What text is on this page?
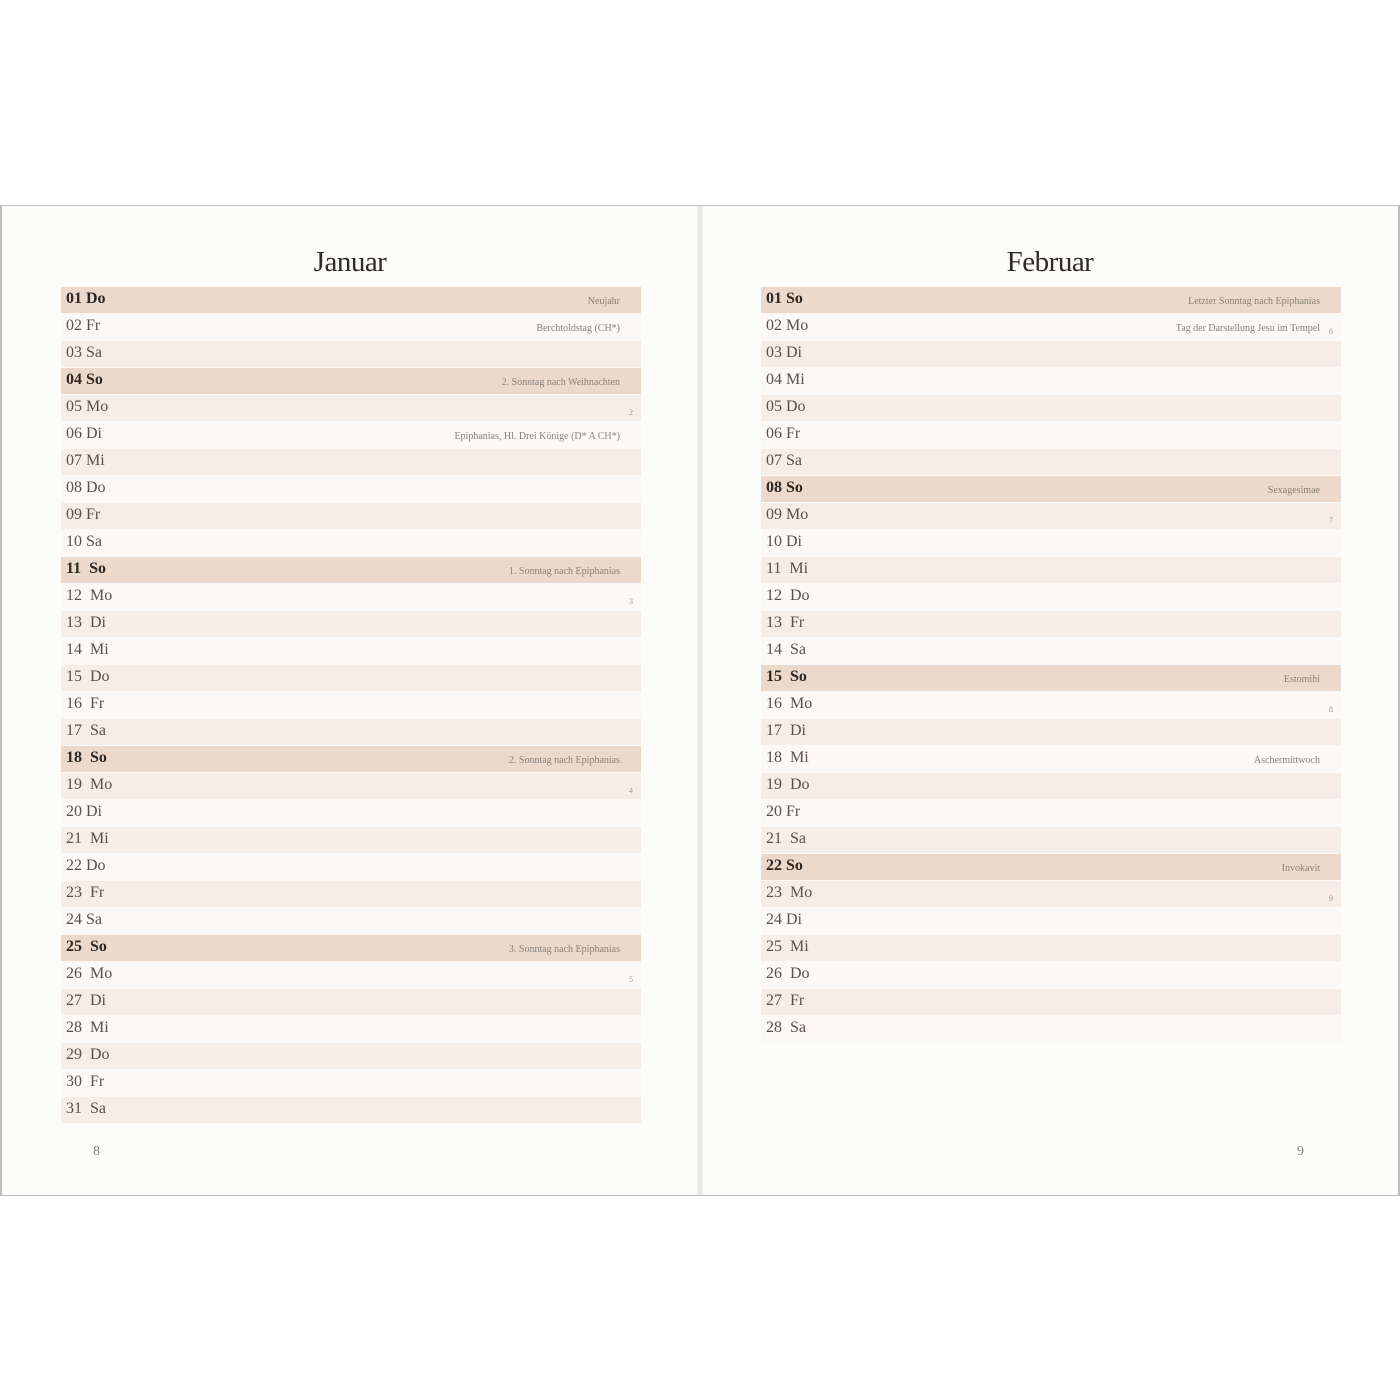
Januar
01 Do	Neujahr
02 Fr	Berchtoldstag (CH*)
03 Sa
04 So	2. Sonntag nach Weihnachten
05 Mo	2
06 Di	Epiphanias, Hl. Drei Könige (D* A CH*)
07 Mi
08 Do
09 Fr
10 Sa
11  So	1. Sonntag nach Epiphanias
12  Mo	3
13  Di
14  Mi
15  Do
16  Fr
17  Sa
18  So	2. Sonntag nach Epiphanias
19  Mo	4
20 Di
21  Mi
22 Do
23  Fr
24 Sa
25  So	3. Sonntag nach Epiphanias
26  Mo	5
27  Di
28  Mi
29  Do
30  Fr
31  Sa
8
Februar
01 So	Letzter Sonntag nach Epiphanias
02 Mo	Tag der Darstellung Jesu im Tempel 6
03 Di
04 Mi
05 Do
06 Fr
07 Sa
08 So	Sexagesimae
09 Mo	7
10 Di
11  Mi
12  Do
13  Fr
14  Sa
15  So	Estomihi
16  Mo	8
17  Di
18  Mi	Aschermittwoch
19  Do
20 Fr
21  Sa
22 So	Invokavit
23  Mo	9
24 Di
25  Mi
26  Do
27  Fr
28  Sa
9
